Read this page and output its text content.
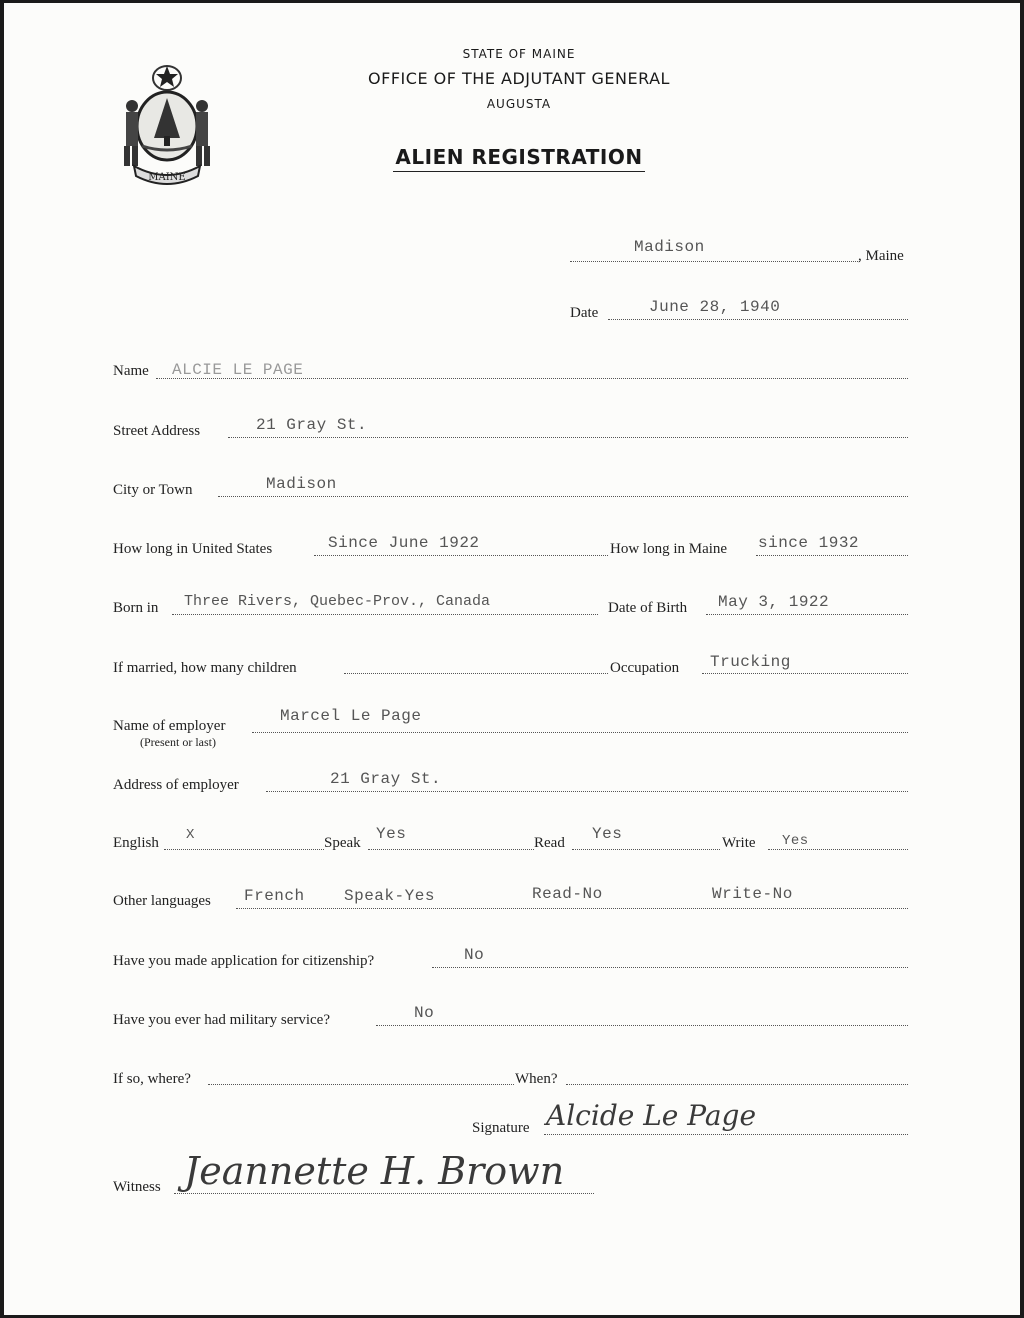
MAINE
STATE OF MAINE
OFFICE OF THE ADJUTANT GENERAL
AUGUSTA
ALIEN REGISTRATION
Madison	, Maine
Date	June 28, 1940
Name ALCIE LE PAGE
Street Address	21 Gray St.
City or Town	Madison
How long in United States	Since June 1922	How long in Maine since 1932
Born in Three Rivers, Quebec-Prov., Canada	Date of Birth May 3, 1922
If married, how many children	Occupation Trucking
Name of employer
(Present or last)
Marcel Le Page
Address of employer	21 Gray St.
English X	Speak Yes	Read Yes	Write Yes
Other languages French Speak-Yes	Read-No	Write-No
Have you made application for citizenship?	No
Have you ever had military service?	No
If so, where?	When?
Signature Alcide Le Page
Witness Jeannette H. Brown
